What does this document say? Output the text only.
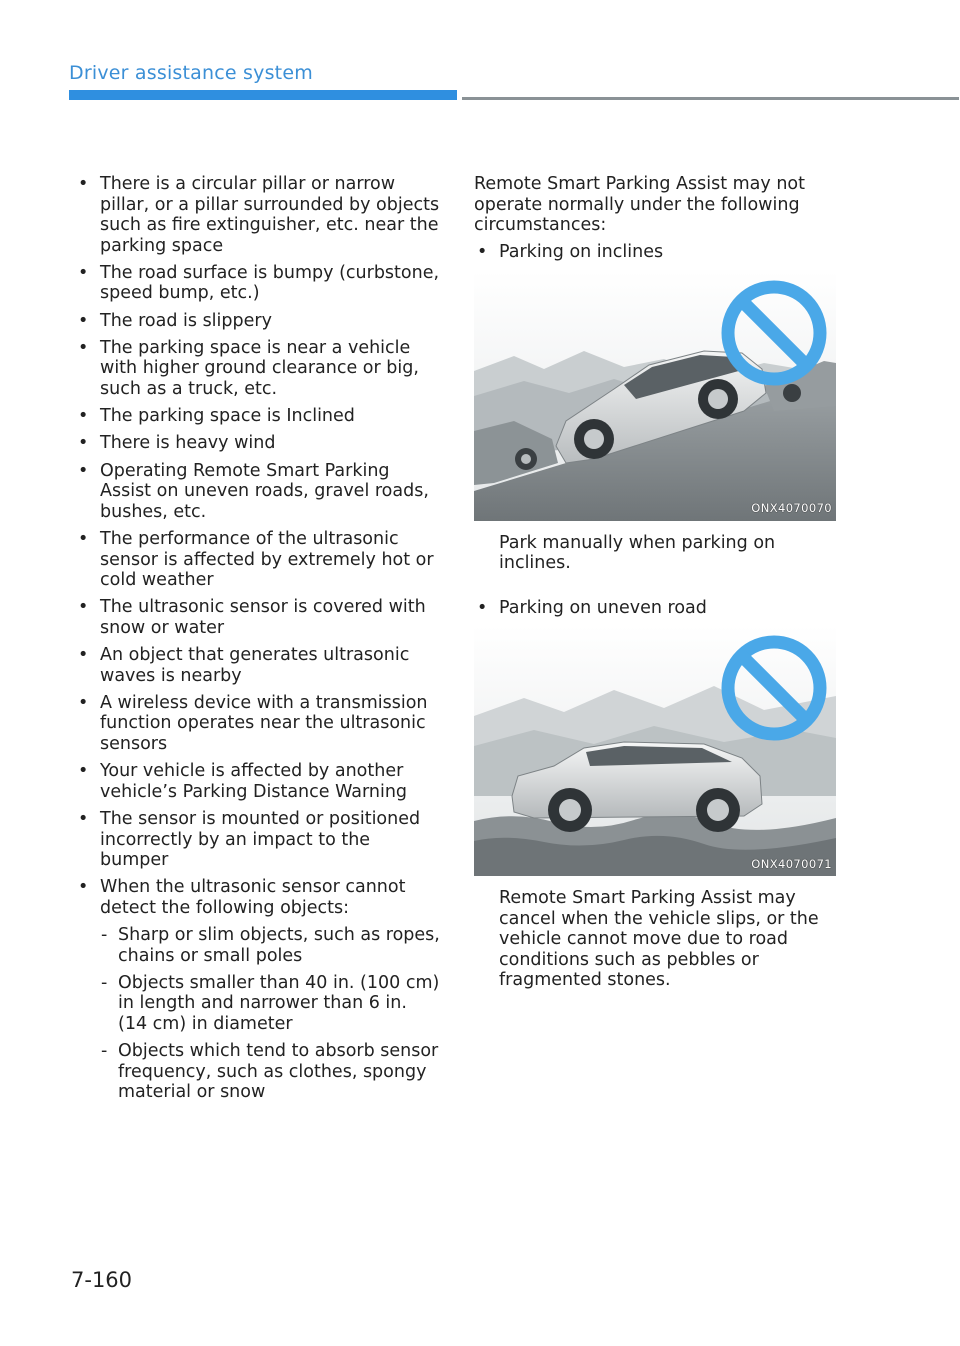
Driver assistance system
• There is a circular pillar or narrow pillar, or a pillar surrounded by objects such as fire extinguisher, etc. near the parking space
• The road surface is bumpy (curbstone, speed bump, etc.)
• The road is slippery
• The parking space is near a vehicle with higher ground clearance or big, such as a truck, etc.
• The parking space is Inclined
• There is heavy wind
• Operating Remote Smart Parking Assist on uneven roads, gravel roads, bushes, etc.
• The performance of the ultrasonic sensor is affected by extremely hot or cold weather
• The ultrasonic sensor is covered with snow or water
• An object that generates ultrasonic waves is nearby
• A wireless device with a transmission function operates near the ultrasonic sensors
• Your vehicle is affected by another vehicle’s Parking Distance Warning
• The sensor is mounted or positioned incorrectly by an impact to the bumper
• When the ultrasonic sensor cannot detect the following objects:
- Sharp or slim objects, such as ropes, chains or small poles
- Objects smaller than 40 in. (100 cm) in length and narrower than 6 in. (14 cm) in diameter
- Objects which tend to absorb sensor frequency, such as clothes, spongy material or snow

Remote Smart Parking Assist may not operate normally under the following circumstances:

• Parking on inclines
ONX4070070

Park manually when parking on inclines.

• Parking on uneven road
ONX4070071

Remote Smart Parking Assist may cancel when the vehicle slips, or the vehicle cannot move due to road conditions such as pebbles or fragmented stones.

7-160
